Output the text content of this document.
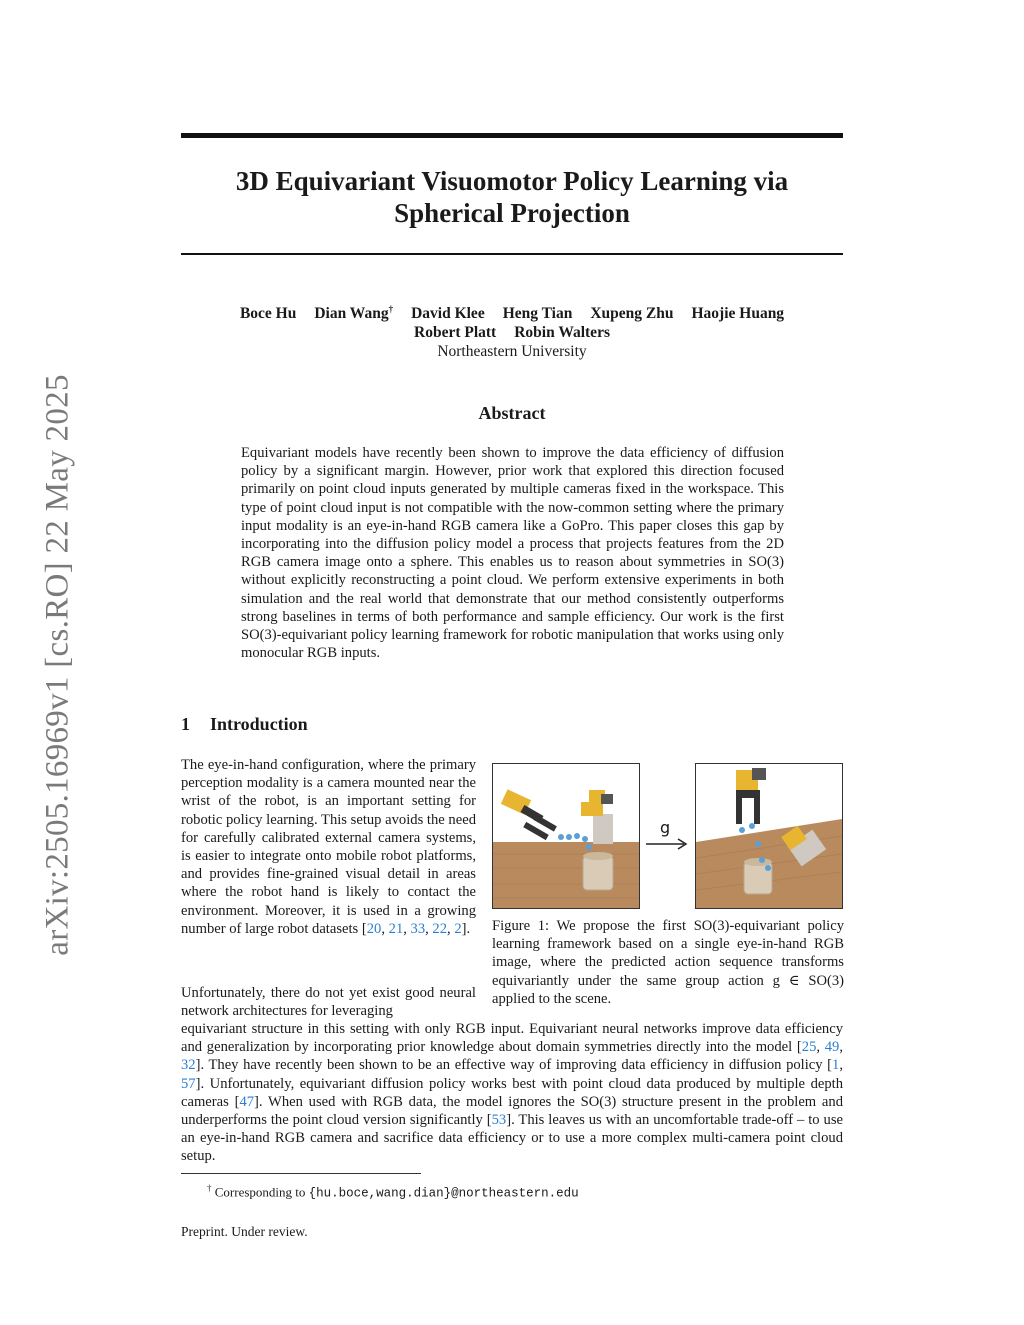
arXiv:2505.16969v1 [cs.RO] 22 May 2025
3D Equivariant Visuomotor Policy Learning via Spherical Projection
Boce Hu Dian Wang† David Klee Heng Tian Xupeng Zhu Haojie Huang
Robert Platt Robin Walters
Northeastern University
Abstract

Equivariant models have recently been shown to improve the data efficiency of diffusion policy by a significant margin. However, prior work that explored this direction focused primarily on point cloud inputs generated by multiple cameras fixed in the workspace. This type of point cloud input is not compatible with the now-common setting where the primary input modality is an eye-in-hand RGB camera like a GoPro. This paper closes this gap by incorporating into the diffusion policy model a process that projects features from the 2D RGB camera image onto a sphere. This enables us to reason about symmetries in SO(3) without explicitly reconstructing a point cloud. We perform extensive experiments in both simulation and the real world that demonstrate that our method consistently outperforms strong baselines in terms of both performance and sample efficiency. Our work is the first SO(3)-equivariant policy learning framework for robotic manipulation that works using only monocular RGB inputs.

1 Introduction

The eye-in-hand configuration, where the primary perception modality is a camera mounted near the wrist of the robot, is an important setting for robotic policy learning. This setup avoids the need for carefully calibrated external camera systems, is easier to integrate onto mobile robot platforms, and provides fine-grained visual detail in areas where the robot hand is likely to contact the environment. Moreover, it is used in a growing number of large robot datasets [20, 21, 33, 22, 2].

Unfortunately, there do not yet exist good neural network architectures for leveraging

equivariant structure in this setting with only RGB input. Equivariant neural networks improve data efficiency and generalization by incorporating prior knowledge about domain symmetries directly into the model [25, 49, 32]. They have recently been shown to be an effective way of improving data efficiency in diffusion policy [1, 57]. Unfortunately, equivariant diffusion policy works best with point cloud data produced by multiple depth cameras [47]. When used with RGB data, the model ignores the SO(3) structure present in the problem and underperforms the point cloud version significantly [53]. This leaves us with an uncomfortable trade-off – to use an eye-in-hand RGB camera and sacrifice data efficiency or to use a more complex multi-camera point cloud setup.

g

Figure 1: We propose the first SO(3)-equivariant policy learning framework based on a single eye-in-hand RGB image, where the predicted action sequence transforms equivariantly under the same group action g ∈ SO(3) applied to the scene.

† Corresponding to {hu.boce,wang.dian}@northeastern.edu
Preprint. Under review.
